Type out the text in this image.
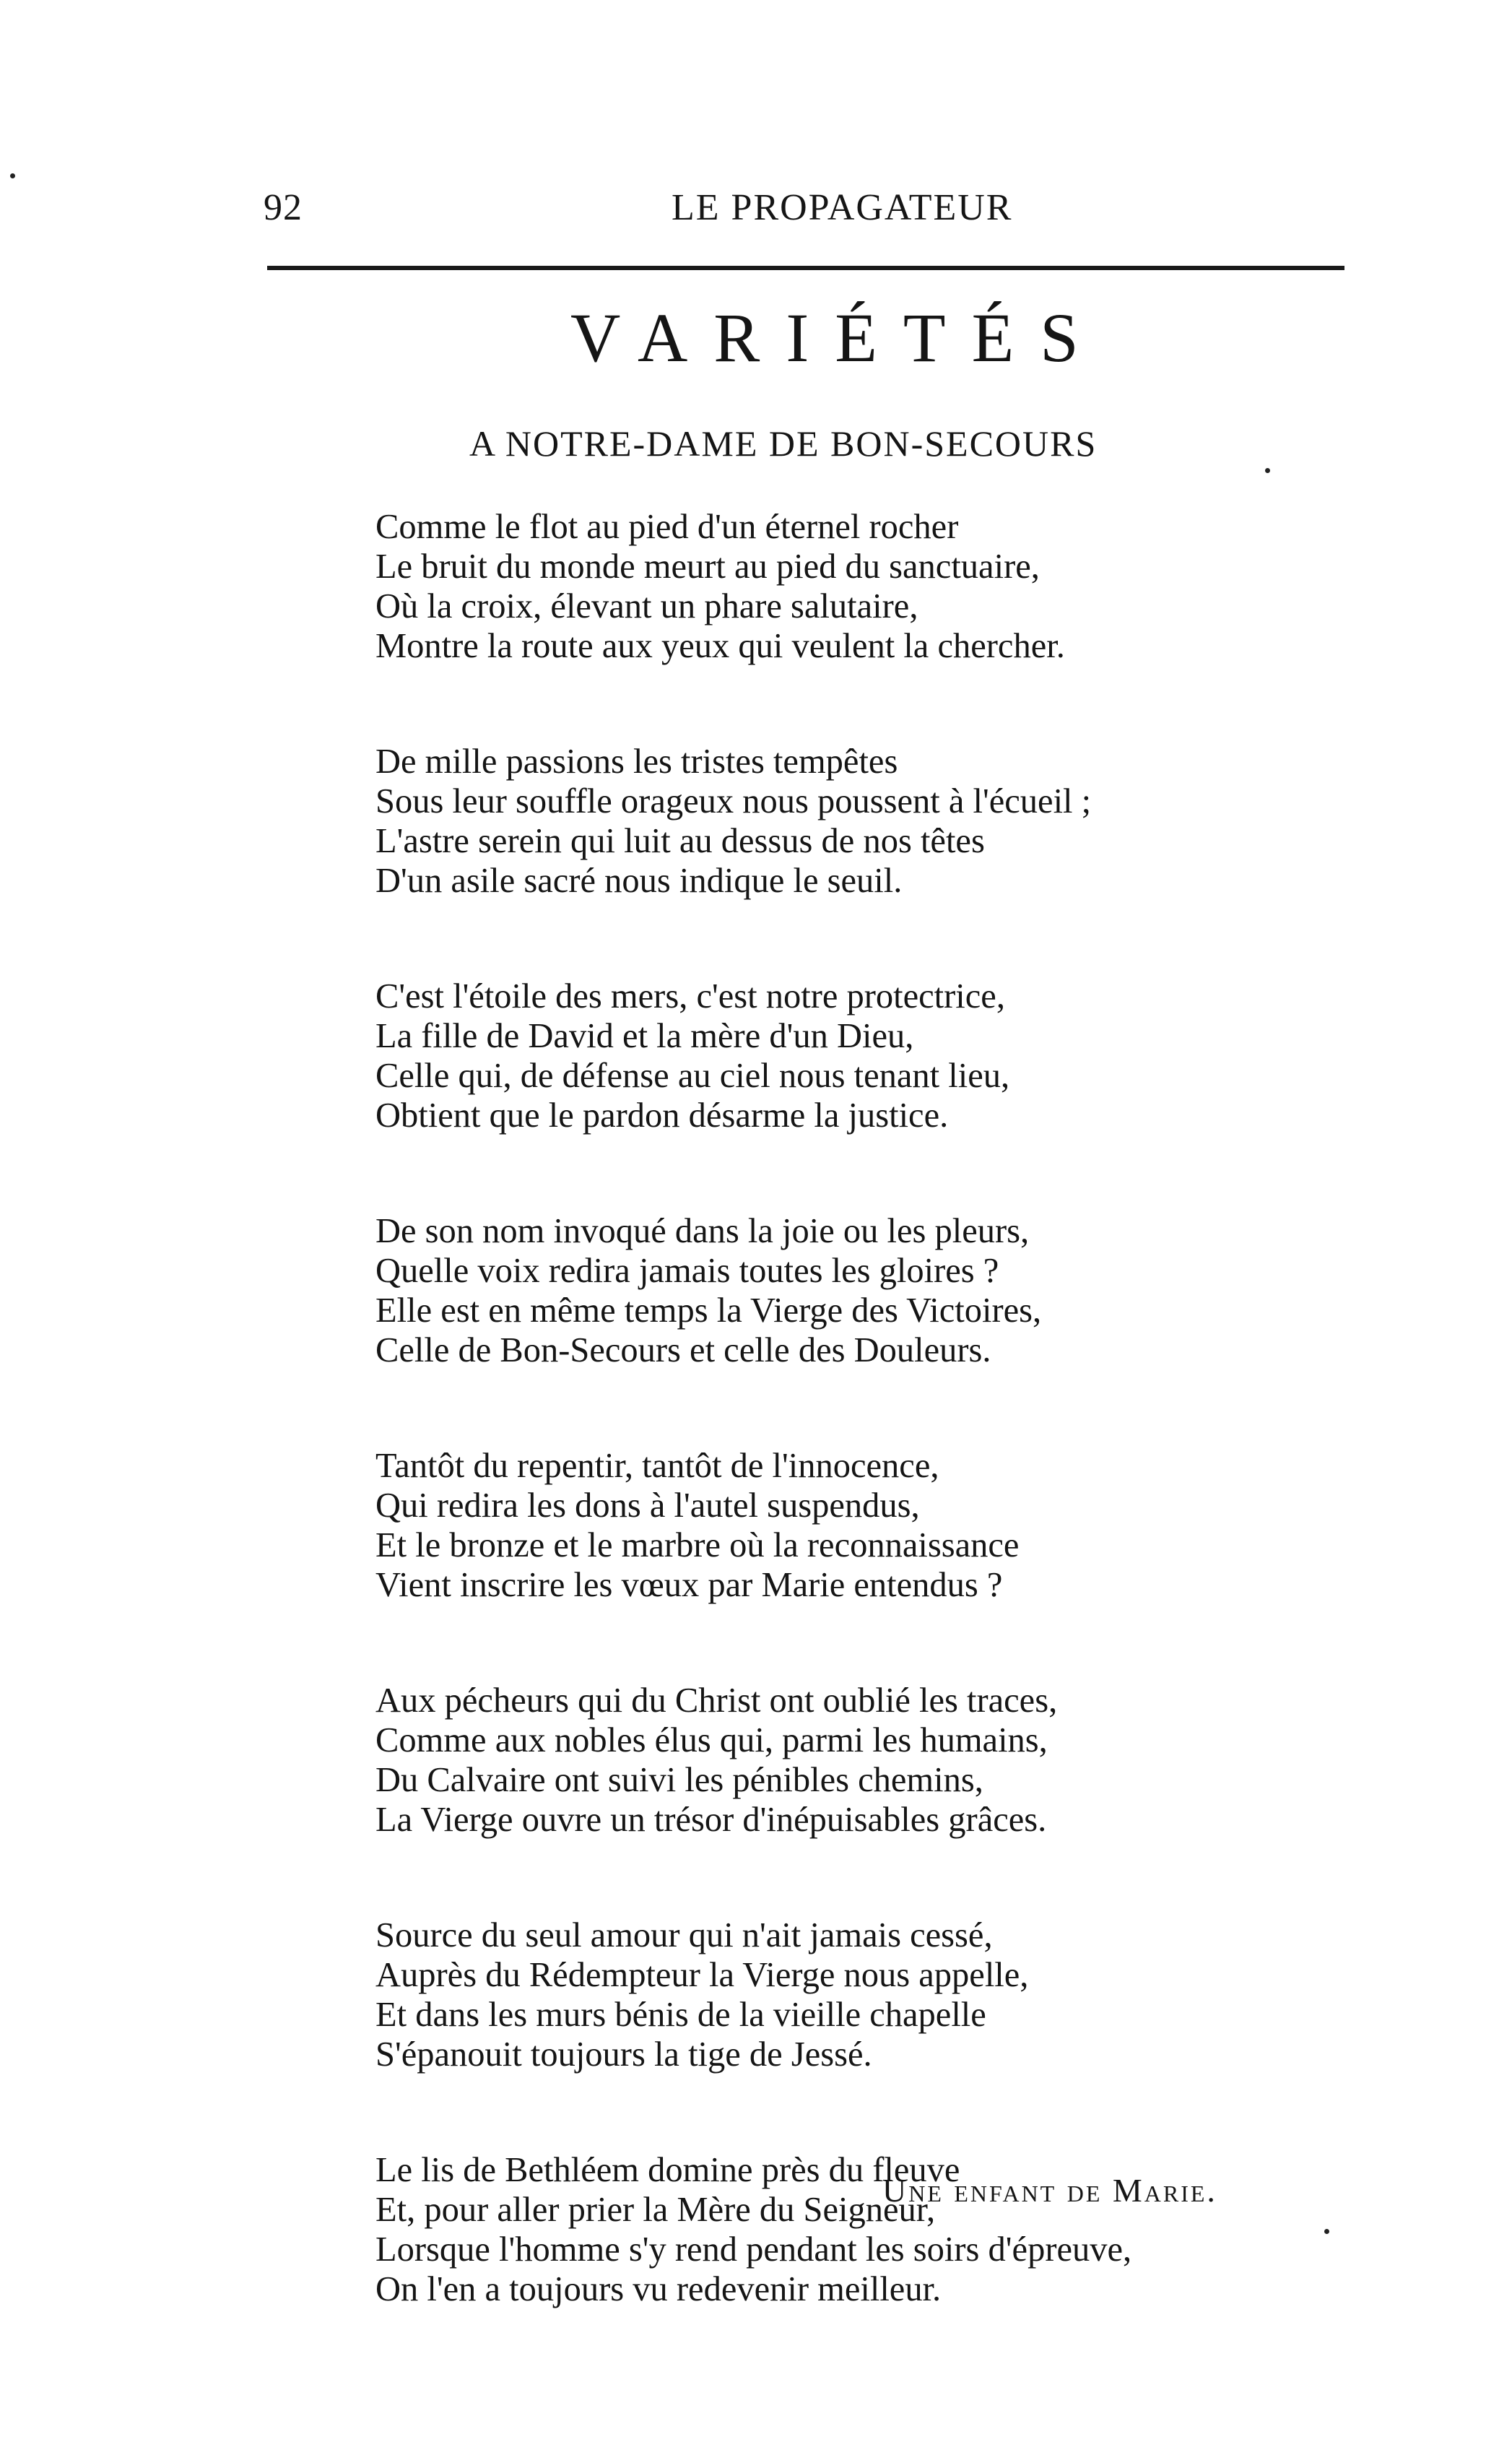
92	LE PROPAGATEUR
VARIÉTÉS
A NOTRE-DAME DE BON-SECOURS
Comme le flot au pied d'un éternel rocher
Le bruit du monde meurt au pied du sanctuaire,
Où la croix, élevant un phare salutaire,
Montre la route aux yeux qui veulent la chercher.
De mille passions les tristes tempêtes
Sous leur souffle orageux nous poussent à l'écueil ;
L'astre serein qui luit au dessus de nos têtes
D'un asile sacré nous indique le seuil.
C'est l'étoile des mers, c'est notre protectrice,
La fille de David et la mère d'un Dieu,
Celle qui, de défense au ciel nous tenant lieu,
Obtient que le pardon désarme la justice.
De son nom invoqué dans la joie ou les pleurs,
Quelle voix redira jamais toutes les gloires ?
Elle est en même temps la Vierge des Victoires,
Celle de Bon-Secours et celle des Douleurs.
Tantôt du repentir, tantôt de l'innocence,
Qui redira les dons à l'autel suspendus,
Et le bronze et le marbre où la reconnaissance
Vient inscrire les vœux par Marie entendus ?
Aux pécheurs qui du Christ ont oublié les traces,
Comme aux nobles élus qui, parmi les humains,
Du Calvaire ont suivi les pénibles chemins,
La Vierge ouvre un trésor d'inépuisables grâces.
Source du seul amour qui n'ait jamais cessé,
Auprès du Rédempteur la Vierge nous appelle,
Et dans les murs bénis de la vieille chapelle
S'épanouit toujours la tige de Jessé.
Le lis de Bethléem domine près du fleuve
Et, pour aller prier la Mère du Seigneur,
Lorsque l'homme s'y rend pendant les soirs d'épreuve,
On l'en a toujours vu redevenir meilleur.
Une enfant de Marie.
